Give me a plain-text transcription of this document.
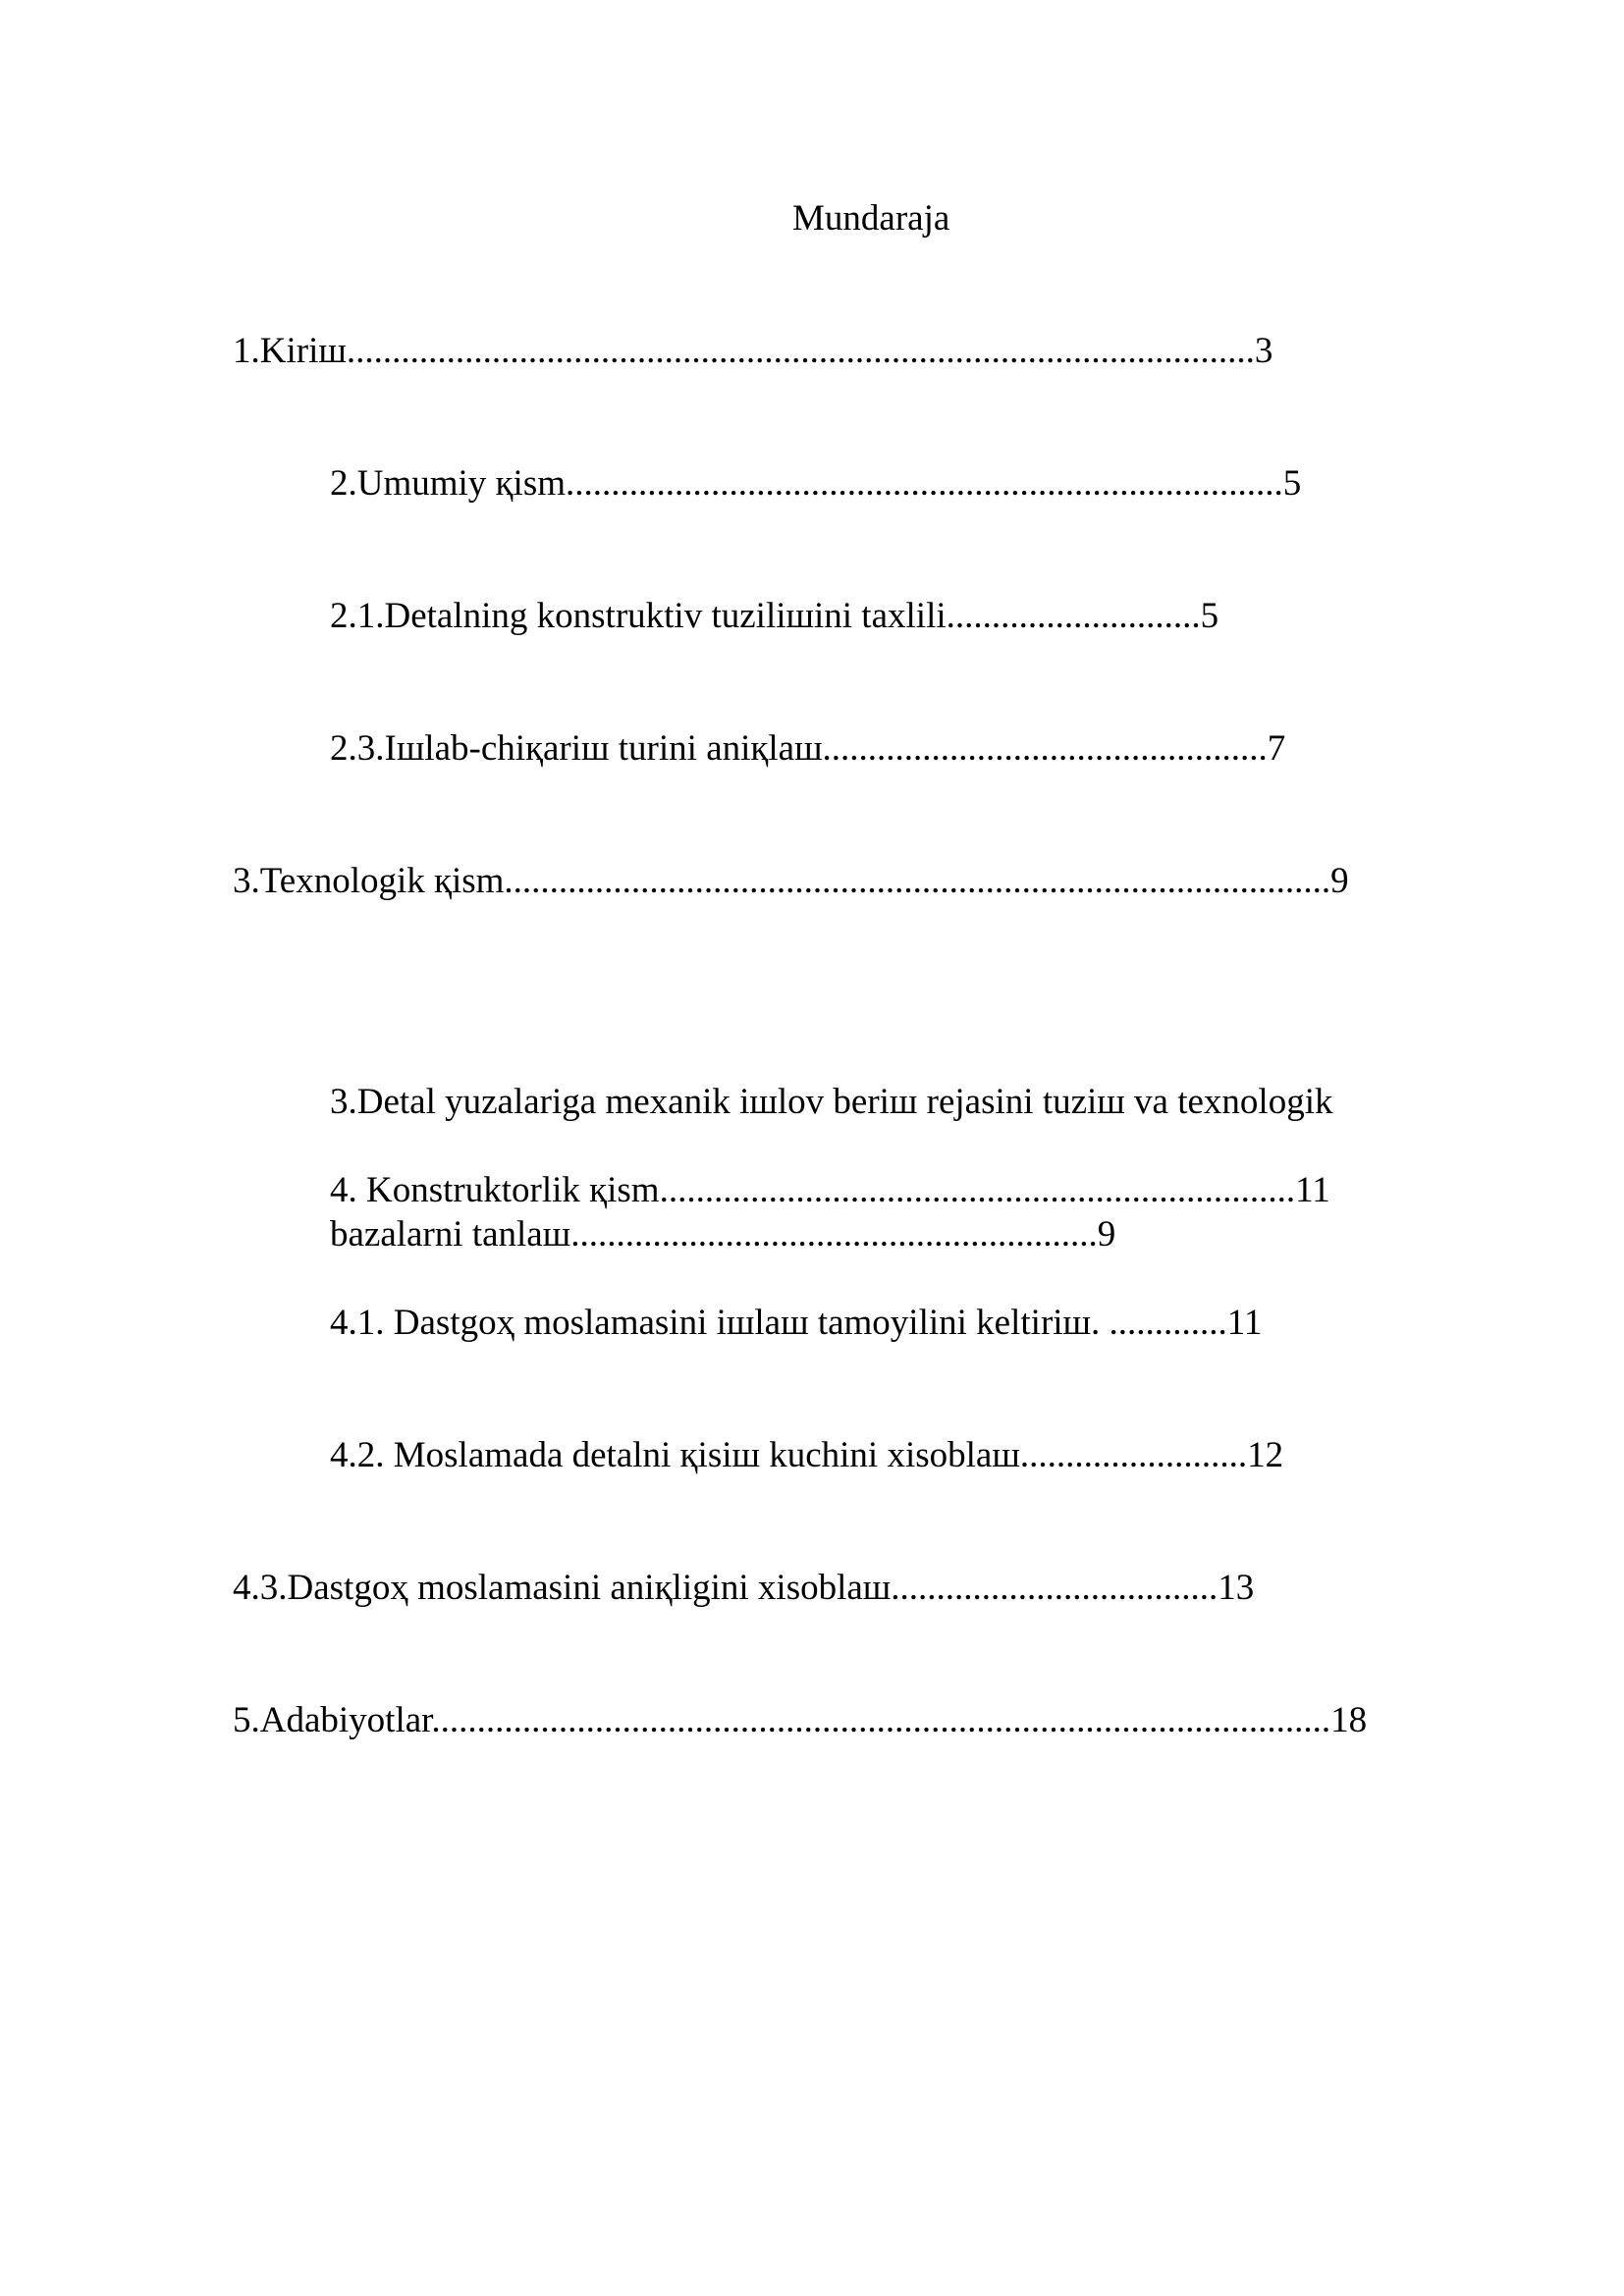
Mundaraja

1.Kiriш....................................................................................................3

2.Umumiy қism...............................................................................5

2.1.Detalning konstruktiv tuziliшini taxlili............................5

2.3.Iшlab-chiқariш turini aniқlaш.................................................7

3.Texnologik қism...........................................................................................9

3.Detal yuzalariga mexanik iшlov beriш rejasini tuziш va texnologik

bazalarni tanlaш..........................................................9

4. Konstruktorlik қism......................................................................11

4.1. Dastgoҳ moslamasini iшlaш tamoyilini keltiriш. .............11

4.2. Moslamada detalni қisiш kuchini xisoblaш.........................12

4.3.Dastgoҳ moslamasini aniқligini xisoblaш....................................13

5.Adabiyotlar...................................................................................................18
